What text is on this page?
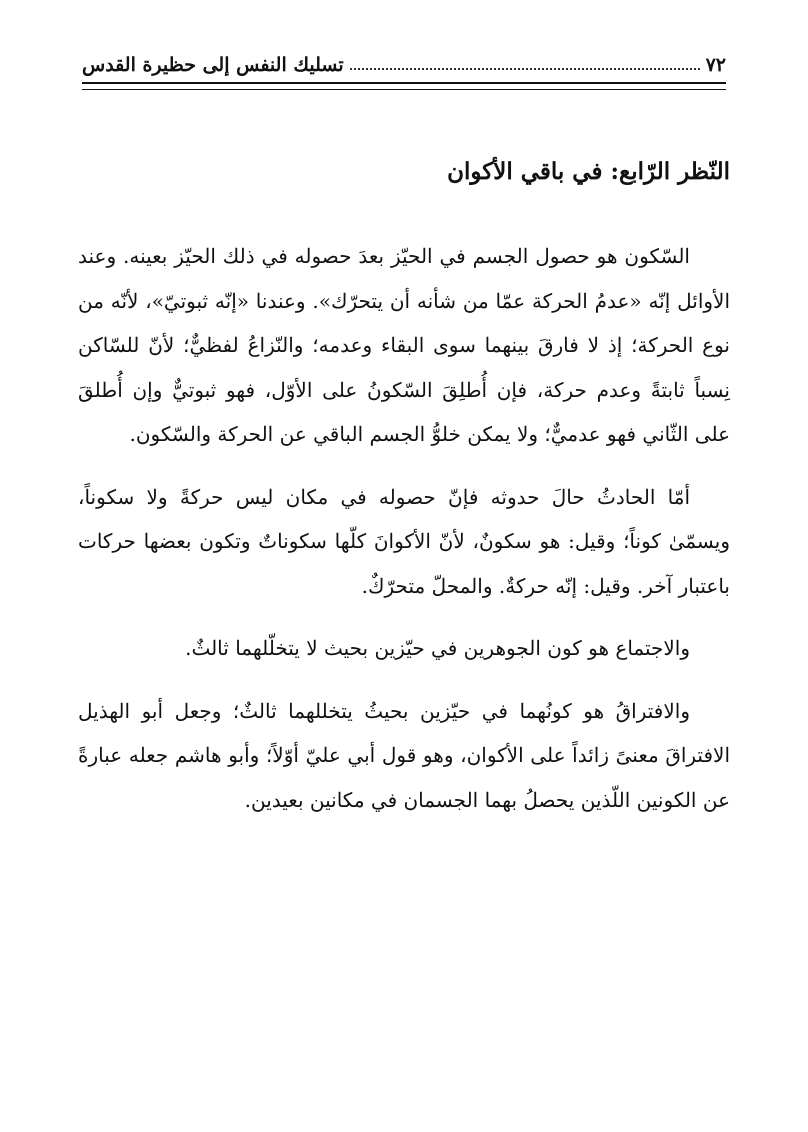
٧٢
تسليك النفس إلى حظيرة القدس
النّظر الرّابع: في باقي الأكوان

السّكون هو حصول الجسم في الحيّز بعدَ حصوله في ذلك الحيّز بعينه. وعند الأوائل إنّه «عدمُ الحركة عمّا من شأنه أن يتحرّك». وعندنا «إنّه ثبوتيّ»، لأنّه من نوع الحركة؛ إذ لا فارقَ بينهما سوى البقاء وعدمه؛ والنّزاعُ لفظيٌّ؛ لأنّ للسّاكن نِسباً ثابتةً وعدم حركة، فإن أُطلِقَ السّكونُ على الأوّل، فهو ثبوتيٌّ وإن أُطلقَ على الثّاني فهو عدميٌّ؛ ولا يمكن خلوُّ الجسم الباقي عن الحركة والسّكون.

أمّا الحادثُ حالَ حدوثه فإنّ حصوله في مكان ليس حركةً ولا سكوناً، ويسمّىٰ كوناً؛ وقيل: هو سكونٌ، لأنّ الأكوانَ كلّها سكوناتٌ وتكون بعضها حركات باعتبار آخر. وقيل: إنّه حركةٌ. والمحلّ متحرّكٌ.

والاجتماع هو كون الجوهرين في حيّزين بحيث لا يتخلّلهما ثالثٌ.

والافتراقُ هو كونُهما في حيّزين بحيثُ يتخللهما ثالثٌ؛ وجعل أبو الهذيل الافتراقَ معنىً زائداً على الأكوان، وهو قول أبي عليّ أوّلاً؛ وأبو هاشم جعله عبارةً عن الكونين اللّذين يحصلُ بهما الجسمان في مكانين بعيدين.
